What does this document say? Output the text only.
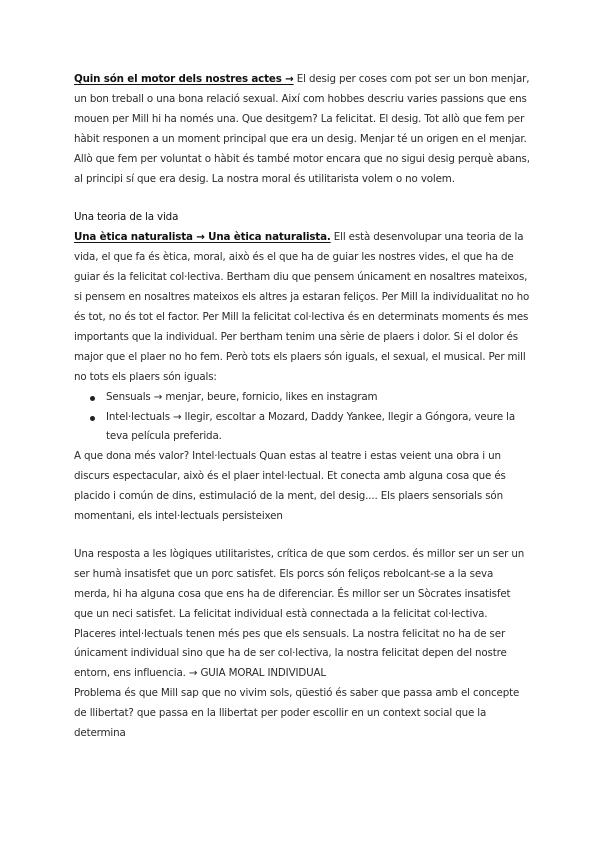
Quin són el motor dels nostres actes → El desig per coses com pot ser un bon menjar, un bon treball o una bona relació sexual. Així com hobbes descriu varies passions que ens mouen per Mill hi ha només una. Que desitgem? La felicitat. El desig. Tot allò que fem per hàbit responen a un moment principal que era un desig. Menjar té un origen en el menjar. Allò que fem per voluntat o hàbit és també motor encara que no sigui desig perquè abans, al principi sí que era desig. La nostra moral és utilitarista volem o no volem.

Una teoria de la vida

Una ètica naturalista → Una ètica naturalista. Ell està desenvolupar una teoria de la vida, el que fa és ètica, moral, això és el que ha de guiar les nostres vides, el que ha de guiar és la felicitat col·lectiva. Bertham diu que pensem únicament en nosaltres mateixos, si pensem en nosaltres mateixos els altres ja estaran feliços. Per Mill la individualitat no ho és tot, no és tot el factor. Per Mill la felicitat col·lectiva és en determinats moments és mes importants que la individual. Per bertham tenim una sèrie de plaers i dolor. Si el dolor és major que el plaer no ho fem. Però tots els plaers són iguals, el sexual, el musical. Per mill no tots els plaers són iguals:

Sensuals → menjar, beure, fornicio, likes en instagram
Intel·lectuals → llegir, escoltar a Mozard, Daddy Yankee, llegir a Góngora, veure la teva película preferida.

A que dona més valor? Intel·lectuals Quan estas al teatre i estas veient una obra i un discurs espectacular, això és el plaer intel·lectual. Et conecta amb alguna cosa que és placido i común de dins, estimulació de la ment, del desig.... Els plaers sensorials són momentani, els intel·lectuals persisteixen

Una resposta a les lògiques utilitaristes, crítica de que som cerdos. és millor ser un ser un ser humà insatisfet que un porc satisfet. Els porcs són feliços rebolcant-se a la seva merda, hi ha alguna cosa que ens ha de diferenciar. És millor ser un Sòcrates insatisfet que un neci satisfet. La felicitat individual està connectada a la felicitat col·lectiva.

Placeres intel·lectuals tenen més pes que els sensuals. La nostra felicitat no ha de ser únicament individual sino que ha de ser col·lectiva, la nostra felicitat depen del nostre entorn, ens influencia. → GUIA MORAL INDIVIDUAL

Problema és que Mill sap que no vivim sols, qüestió és saber que passa amb el concepte de llibertat? que passa en la llibertat per poder escollir en un context social que la determina
